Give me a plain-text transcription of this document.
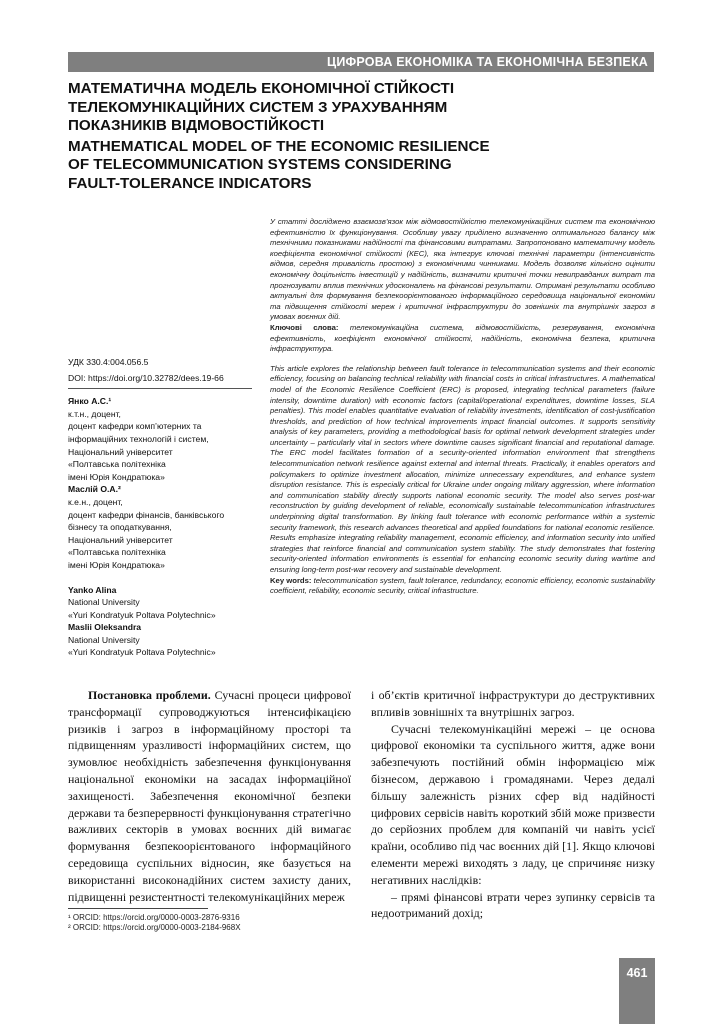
ЦИФРОВА ЕКОНОМІКА ТА ЕКОНОМІЧНА БЕЗПЕКА
МАТЕМАТИЧНА МОДЕЛЬ ЕКОНОМІЧНОЇ СТІЙКОСТІ
ТЕЛЕКОМУНІКАЦІЙНИХ СИСТЕМ З УРАХУВАННЯМ
ПОКАЗНИКІВ ВІДМОВОСТІЙКОСТІ
MATHEMATICAL MODEL OF THE ECONOMIC RESILIENCE
OF TELECOMMUNICATION SYSTEMS CONSIDERING
FAULT-TOLERANCE INDICATORS
УДК 330.4:004.056.5
DOI: https://doi.org/10.32782/dees.19-66
Янко А.С.¹
к.т.н., доцент,
доцент кафедри комп’ютерних та
інформаційних технологій і систем,
Національний університет
«Полтавська політехніка
імені Юрія Кондратюка»
Маслій О.А.²
к.е.н., доцент,
доцент кафедри фінансів, банківського
бізнесу та оподаткування,
Національний університет
«Полтавська політехніка
імені Юрія Кондратюка»
Yanko Alina
National University
«Yuri Kondratyuk Poltava Polytechnic»
Maslii Oleksandra
National University
«Yuri Kondratyuk Poltava Polytechnic»
У статті досліджено взаємозв’язок між відмовостійкістю телекомунікаційних систем та економічною ефективністю їх функціонування. Особливу увагу приділено визначенню оптимального балансу між технічними показниками надійності та фінансовими витратами. Запропоновано математичну модель коефіцієнта економічної стійкості (КЕС), яка інтегрує ключові технічні параметри (інтенсивність відмов, середня тривалість простою) з економічними чинниками. Модель дозволяє кількісно оцінити економічну доцільність інвестицій у надійність, визначити критичні точки невиправданих витрат та прогнозувати вплив технічних удосконалень на фінансові результати. Отримані результати особливо актуальні для формування безпекоорієнтованого інформаційного середовища національної економіки та підвищення стійкості мереж і критичної інфраструктури до зовнішніх та внутрішніх загроз в умовах воєнних дій.
Ключові слова: телекомунікаційна система, відмовостійкість, резервування, економічна ефективність, коефіцієнт економічної стійкості, надійність, економічна безпека, критична інфраструктура.
This article explores the relationship between fault tolerance in telecommunication systems and their economic efficiency, focusing on balancing technical reliability with financial costs in critical infrastructures. A mathematical model of the Economic Resilience Coefficient (ERC) is proposed, integrating technical parameters (failure intensity, downtime duration) with economic factors (capital/operational expenditures, downtime losses, SLA penalties). This model enables quantitative evaluation of reliability investments, identification of cost-justification thresholds, and prediction of how technical improvements impact financial outcomes. It supports sensitivity analysis of key parameters, providing a methodological basis for optimal network development strategies under uncertainty – particularly vital in sectors where downtime causes significant financial and reputational damage. The ERC model facilitates formation of a security-oriented information environment that strengthens telecommunication network resilience against external and internal threats. Practically, it enables operators and policymakers to optimize investment allocation, minimize unnecessary expenditures, and enhance system disruption resistance. This is especially critical for Ukraine under ongoing military aggression, where information and communication stability directly supports national economic security. The model also serves post-war reconstruction by guiding development of reliable, economically sustainable telecommunication infrastructures underpinning digital transformation. By linking fault tolerance with economic performance within a systemic security framework, this research advances theoretical and applied foundations for national economic resilience. Results emphasize integrating reliability management, economic efficiency, and information security into unified strategies that reinforce financial and communication system stability. The study demonstrates that fostering security-oriented information environments is essential for enhancing economic security during wartime and ensuring long-term post-war recovery and sustainable development.
Key words: telecommunication system, fault tolerance, redundancy, economic efficiency, economic sustainability coefficient, reliability, economic security, critical infrastructure.
Постановка проблеми. Сучасні процеси цифрової трансформації супроводжуються інтенсифікацією ризиків і загроз в інформаційному просторі та підвищенням уразливості інформаційних систем, що зумовлює необхідність забезпечення функціонування національної економіки на засадах інформаційної захищеності. Забезпечення економічної безпеки держави та безперервності функціонування стратегічно важливих секторів в умовах воєнних дій вимагає формування безпекоорієнтованого інформаційного середовища суспільних відносин, яке базується на використанні високонадійних систем захисту даних, підвищенні резистентності телекомунікаційних мереж

і об’єктів критичної інфраструктури до деструктивних впливів зовнішніх та внутрішніх загроз.

Сучасні телекомунікаційні мережі – це основа цифрової економіки та суспільного життя, адже вони забезпечують постійний обмін інформацією між бізнесом, державою і громадянами. Через дедалі більшу залежність різних сфер від надійності цифрових сервісів навіть короткий збій може призвести до серйозних проблем для компаній чи навіть усієї країни, особливо під час воєнних дій [1]. Якщо ключові елементи мережі виходять з ладу, це спричиняє низку негативних наслідків:

– прямі фінансові втрати через зупинку сервісів та недоотриманий дохід;

¹ ORCID: https://orcid.org/0000-0003-2876-9316
² ORCID: https://orcid.org/0000-0003-2184-968X
461
